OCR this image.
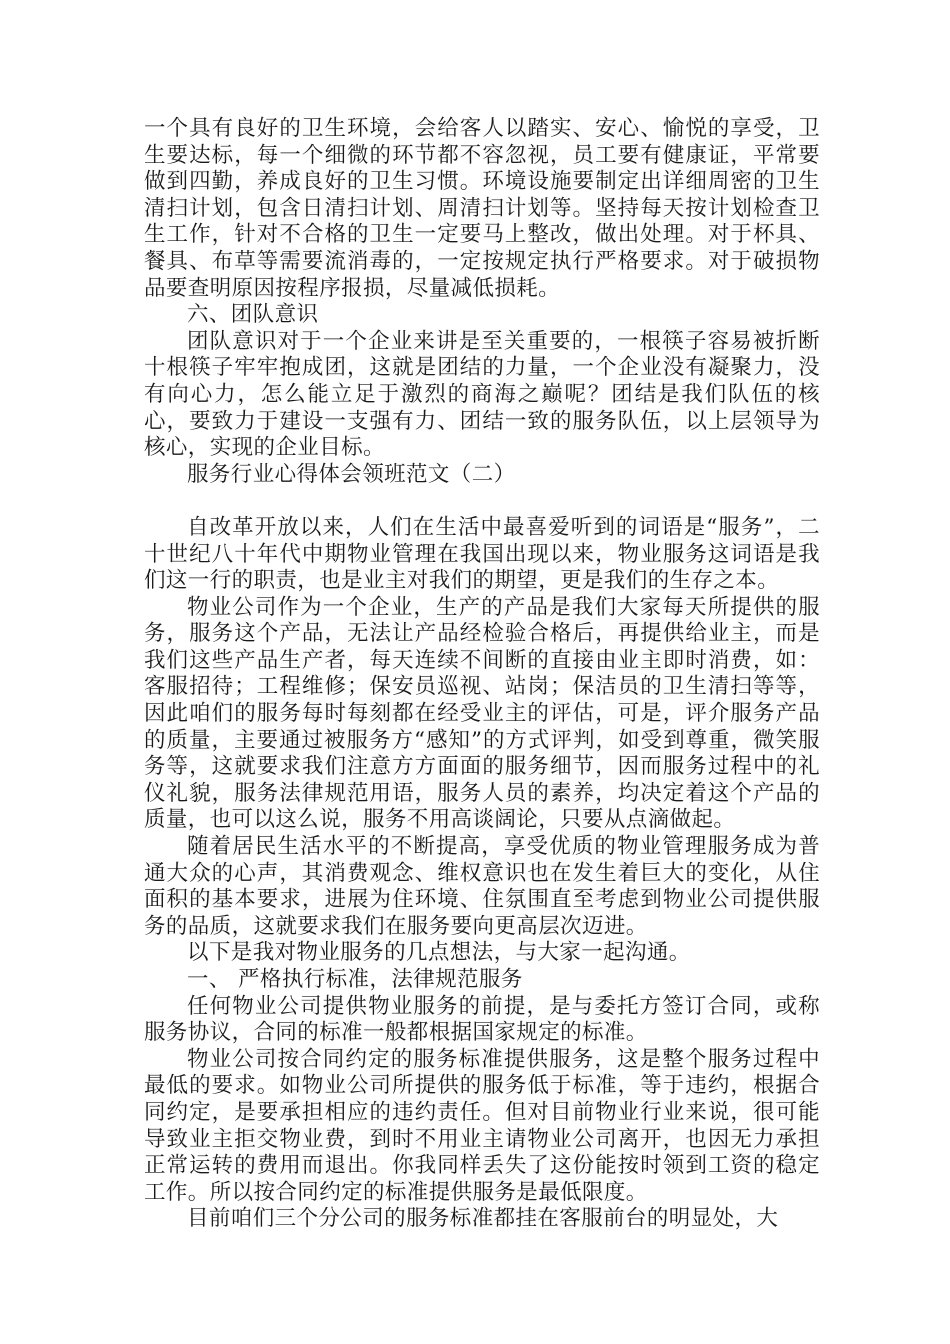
一个具有良好的卫生环境，会给客人以踏实、安心、愉悦的享受，卫生要达标，每一个细微的环节都不容忽视，员工要有健康证，平常要做到四勤，养成良好的卫生习惯。环境设施要制定出详细周密的卫生清扫计划，包含日清扫计划、周清扫计划等。坚持每天按计划检查卫生工作，针对不合格的卫生一定要马上整改，做出处理。对于杯具、餐具、布草等需要流消毒的，一定按规定执行严格要求。对于破损物品要查明原因按程序报损，尽量减低损耗。

六、团队意识

团队意识对于一个企业来讲是至关重要的，一根筷子容易被折断十根筷子牢牢抱成团，这就是团结的力量，一个企业没有凝聚力，没有向心力，怎么能立足于激烈的商海之巅呢？团结是我们队伍的核心，要致力于建设一支强有力、团结一致的服务队伍，以上层领导为核心，实现的企业目标。

服务行业心得体会领班范文（二）

自改革开放以来，人们在生活中最喜爱听到的词语是“服务”，二十世纪八十年代中期物业管理在我国出现以来，物业服务这词语是我们这一行的职责，也是业主对我们的期望，更是我们的生存之本。

物业公司作为一个企业，生产的产品是我们大家每天所提供的服务，服务这个产品，无法让产品经检验合格后，再提供给业主，而是我们这些产品生产者，每天连续不间断的直接由业主即时消费，如：客服招待；工程维修；保安员巡视、站岗；保洁员的卫生清扫等等，因此咱们的服务每时每刻都在经受业主的评估，可是，评介服务产品的质量，主要通过被服务方“感知”的方式评判，如受到尊重，微笑服务等，这就要求我们注意方方面面的服务细节，因而服务过程中的礼仪礼貌，服务法律规范用语，服务人员的素养，均决定着这个产品的质量，也可以这么说，服务不用高谈阔论，只要从点滴做起。

随着居民生活水平的不断提高，享受优质的物业管理服务成为普通大众的心声，其消费观念、维权意识也在发生着巨大的变化，从住面积的基本要求，进展为住环境、住氛围直至考虑到物业公司提供服务的品质，这就要求我们在服务要向更高层次迈进。

以下是我对物业服务的几点想法，与大家一起沟通。

一、 严格执行标准，法律规范服务

任何物业公司提供物业服务的前提，是与委托方签订合同，或称服务协议，合同的标准一般都根据国家规定的标准。

物业公司按合同约定的服务标准提供服务，这是整个服务过程中最低的要求。如物业公司所提供的服务低于标准，等于违约，根据合同约定，是要承担相应的违约责任。但对目前物业行业来说，很可能导致业主拒交物业费，到时不用业主请物业公司离开，也因无力承担正常运转的费用而退出。你我同样丢失了这份能按时领到工资的稳定工作。所以按合同约定的标准提供服务是最低限度。

目前咱们三个分公司的服务标准都挂在客服前台的明显处，大
